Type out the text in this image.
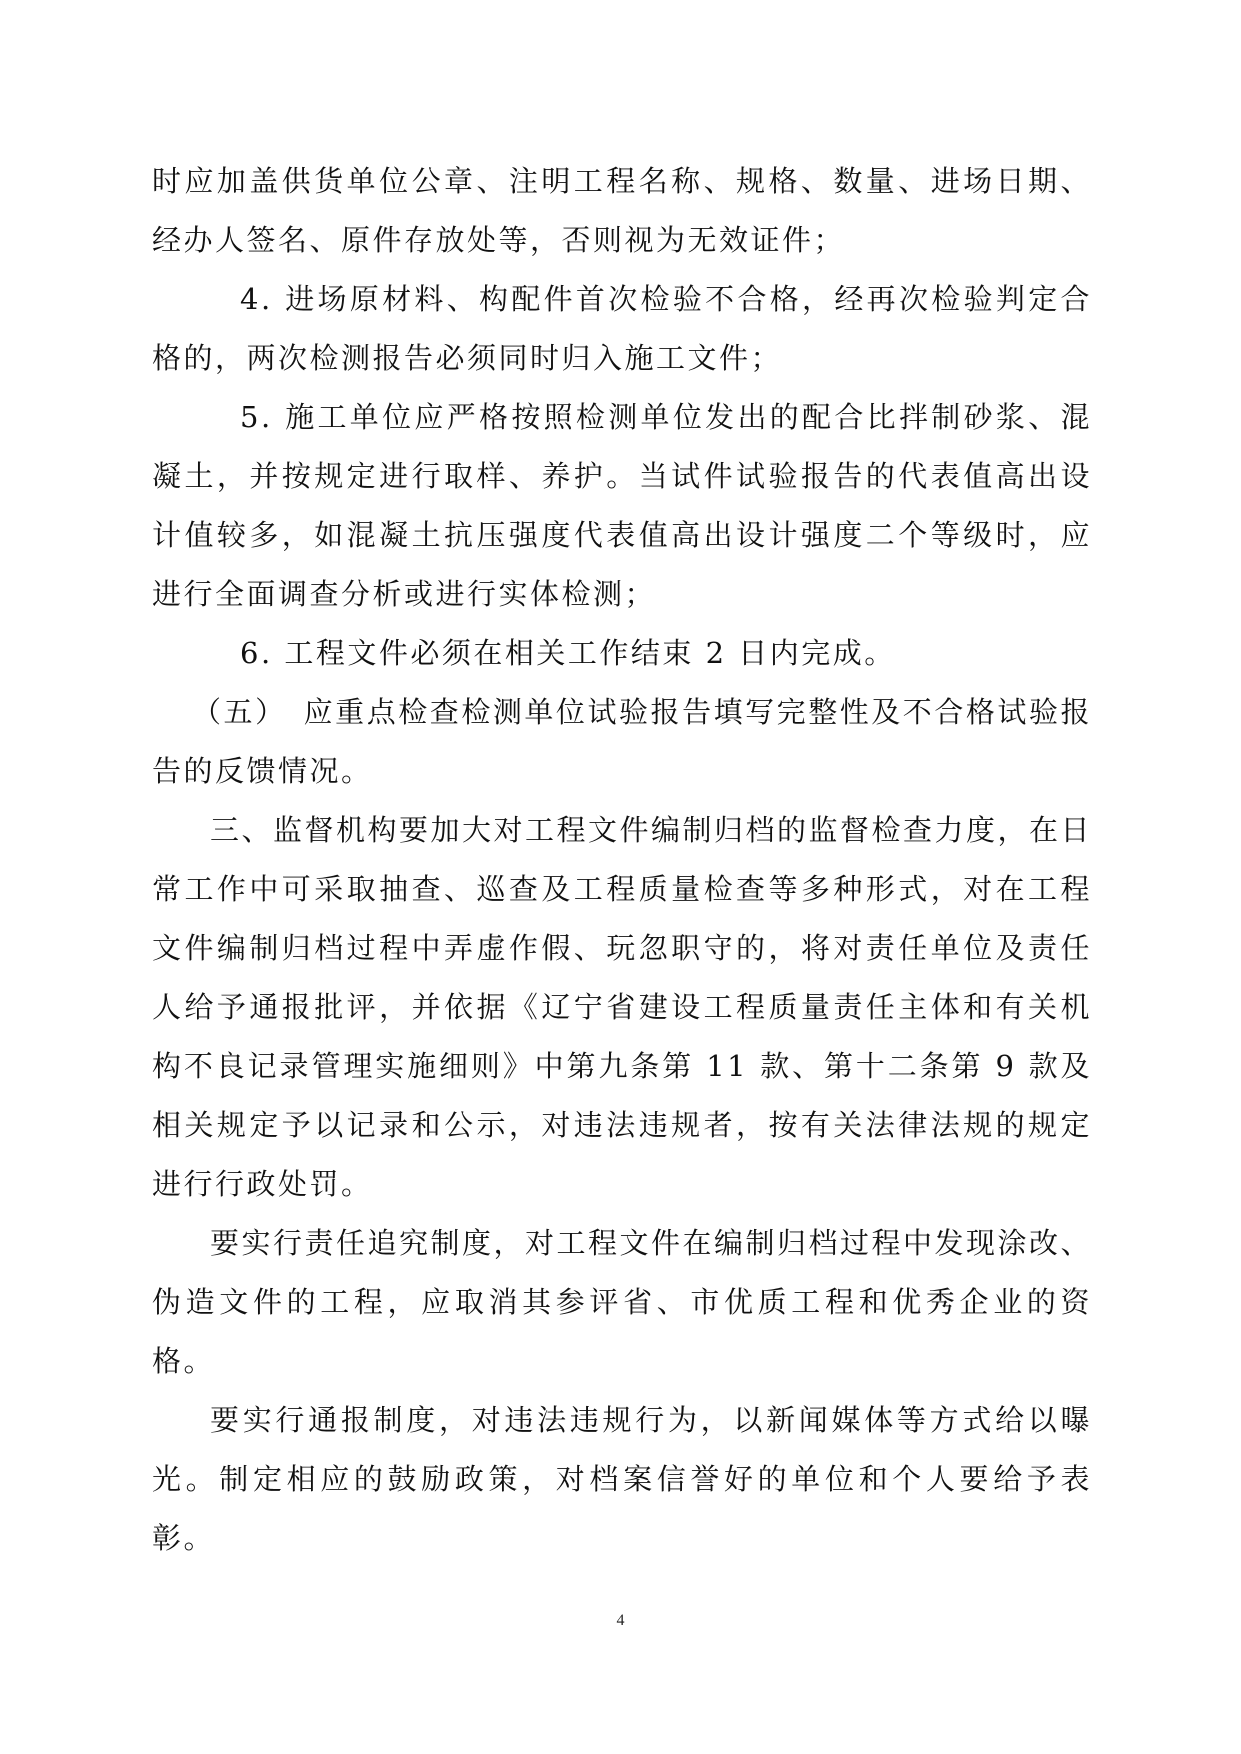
时应加盖供货单位公章、注明工程名称、规格、数量、进场日期、经办人签名、原件存放处等，否则视为无效证件；

4. 进场原材料、构配件首次检验不合格，经再次检验判定合格的，两次检测报告必须同时归入施工文件；

5. 施工单位应严格按照检测单位发出的配合比拌制砂浆、混凝土，并按规定进行取样、养护。当试件试验报告的代表值高出设计值较多，如混凝土抗压强度代表值高出设计强度二个等级时，应进行全面调查分析或进行实体检测；

6. 工程文件必须在相关工作结束 2 日内完成。

（五）　应重点检查检测单位试验报告填写完整性及不合格试验报告的反馈情况。

三、监督机构要加大对工程文件编制归档的监督检查力度，在日常工作中可采取抽查、巡查及工程质量检查等多种形式，对在工程文件编制归档过程中弄虚作假、玩忽职守的，将对责任单位及责任人给予通报批评，并依据《辽宁省建设工程质量责任主体和有关机构不良记录管理实施细则》中第九条第 11 款、第十二条第 9 款及相关规定予以记录和公示，对违法违规者，按有关法律法规的规定进行行政处罚。

要实行责任追究制度，对工程文件在编制归档过程中发现涂改、伪造文件的工程，应取消其参评省、市优质工程和优秀企业的资格。

要实行通报制度，对违法违规行为，以新闻媒体等方式给以曝光。制定相应的鼓励政策，对档案信誉好的单位和个人要给予表彰。

4
